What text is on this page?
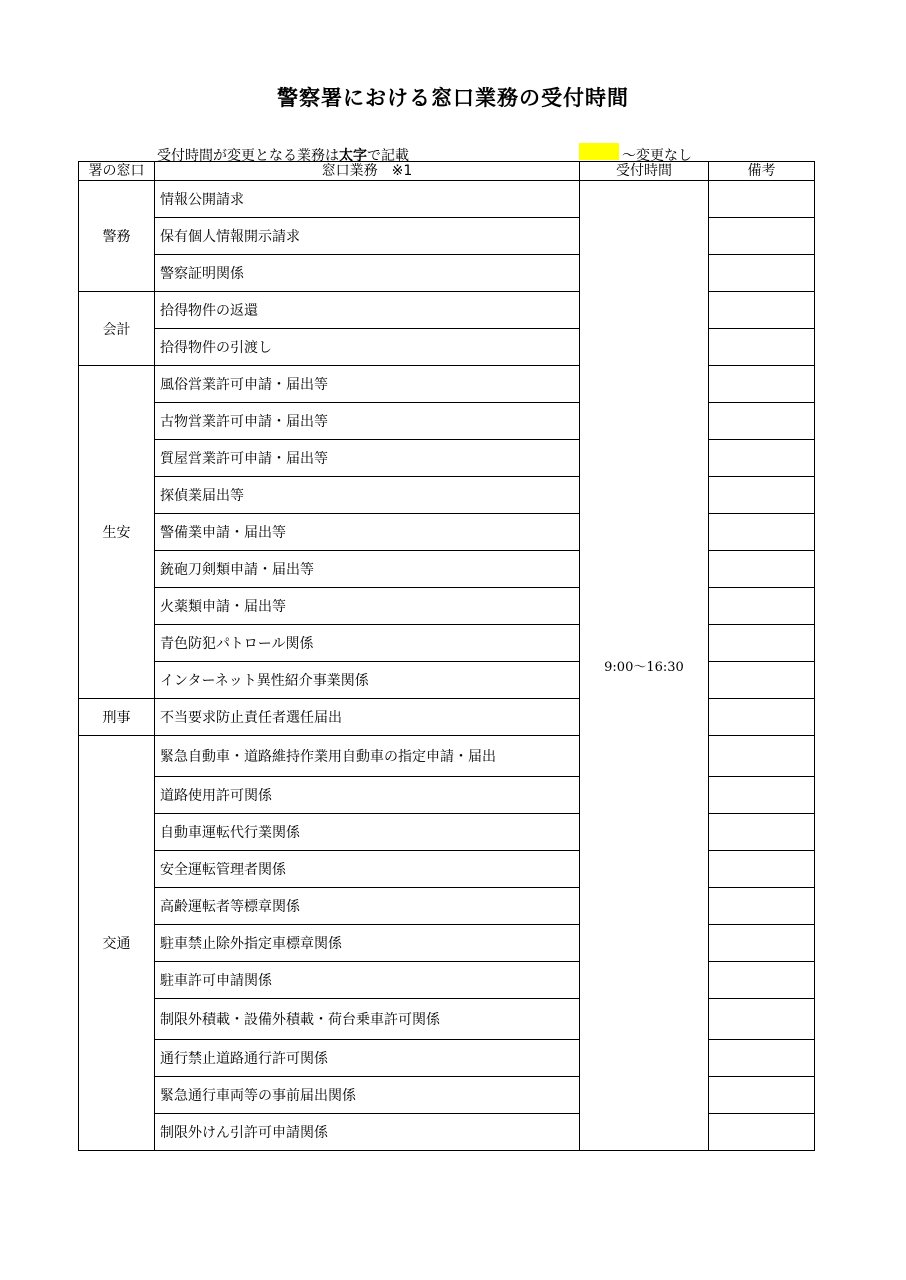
警察署における窓口業務の受付時間
受付時間が変更となる業務は太字で記載	～変更なし
署の窓口	窓口業務 ※1	受付時間	備考
警務	情報公開請求	9:00～16:30	
	保有個人情報開示請求		
	警察証明関係		
会計	拾得物件の返還		
	拾得物件の引渡し		
生安	風俗営業許可申請・届出等		
	古物営業許可申請・届出等		
	質屋営業許可申請・届出等		
	探偵業届出等		
	警備業申請・届出等		
	銃砲刀剣類申請・届出等		
	火薬類申請・届出等		
	青色防犯パトロール関係		
	インターネット異性紹介事業関係		
刑事	不当要求防止責任者選任届出		
交通	緊急自動車・道路維持作業用自動車の指定申請・届出		
	道路使用許可関係		
	自動車運転代行業関係		
	安全運転管理者関係		
	高齢運転者等標章関係		
	駐車禁止除外指定車標章関係		
	駐車許可申請関係		
	制限外積載・設備外積載・荷台乗車許可関係		
	通行禁止道路通行許可関係		
	緊急通行車両等の事前届出関係		
	制限外けん引許可申請関係		
